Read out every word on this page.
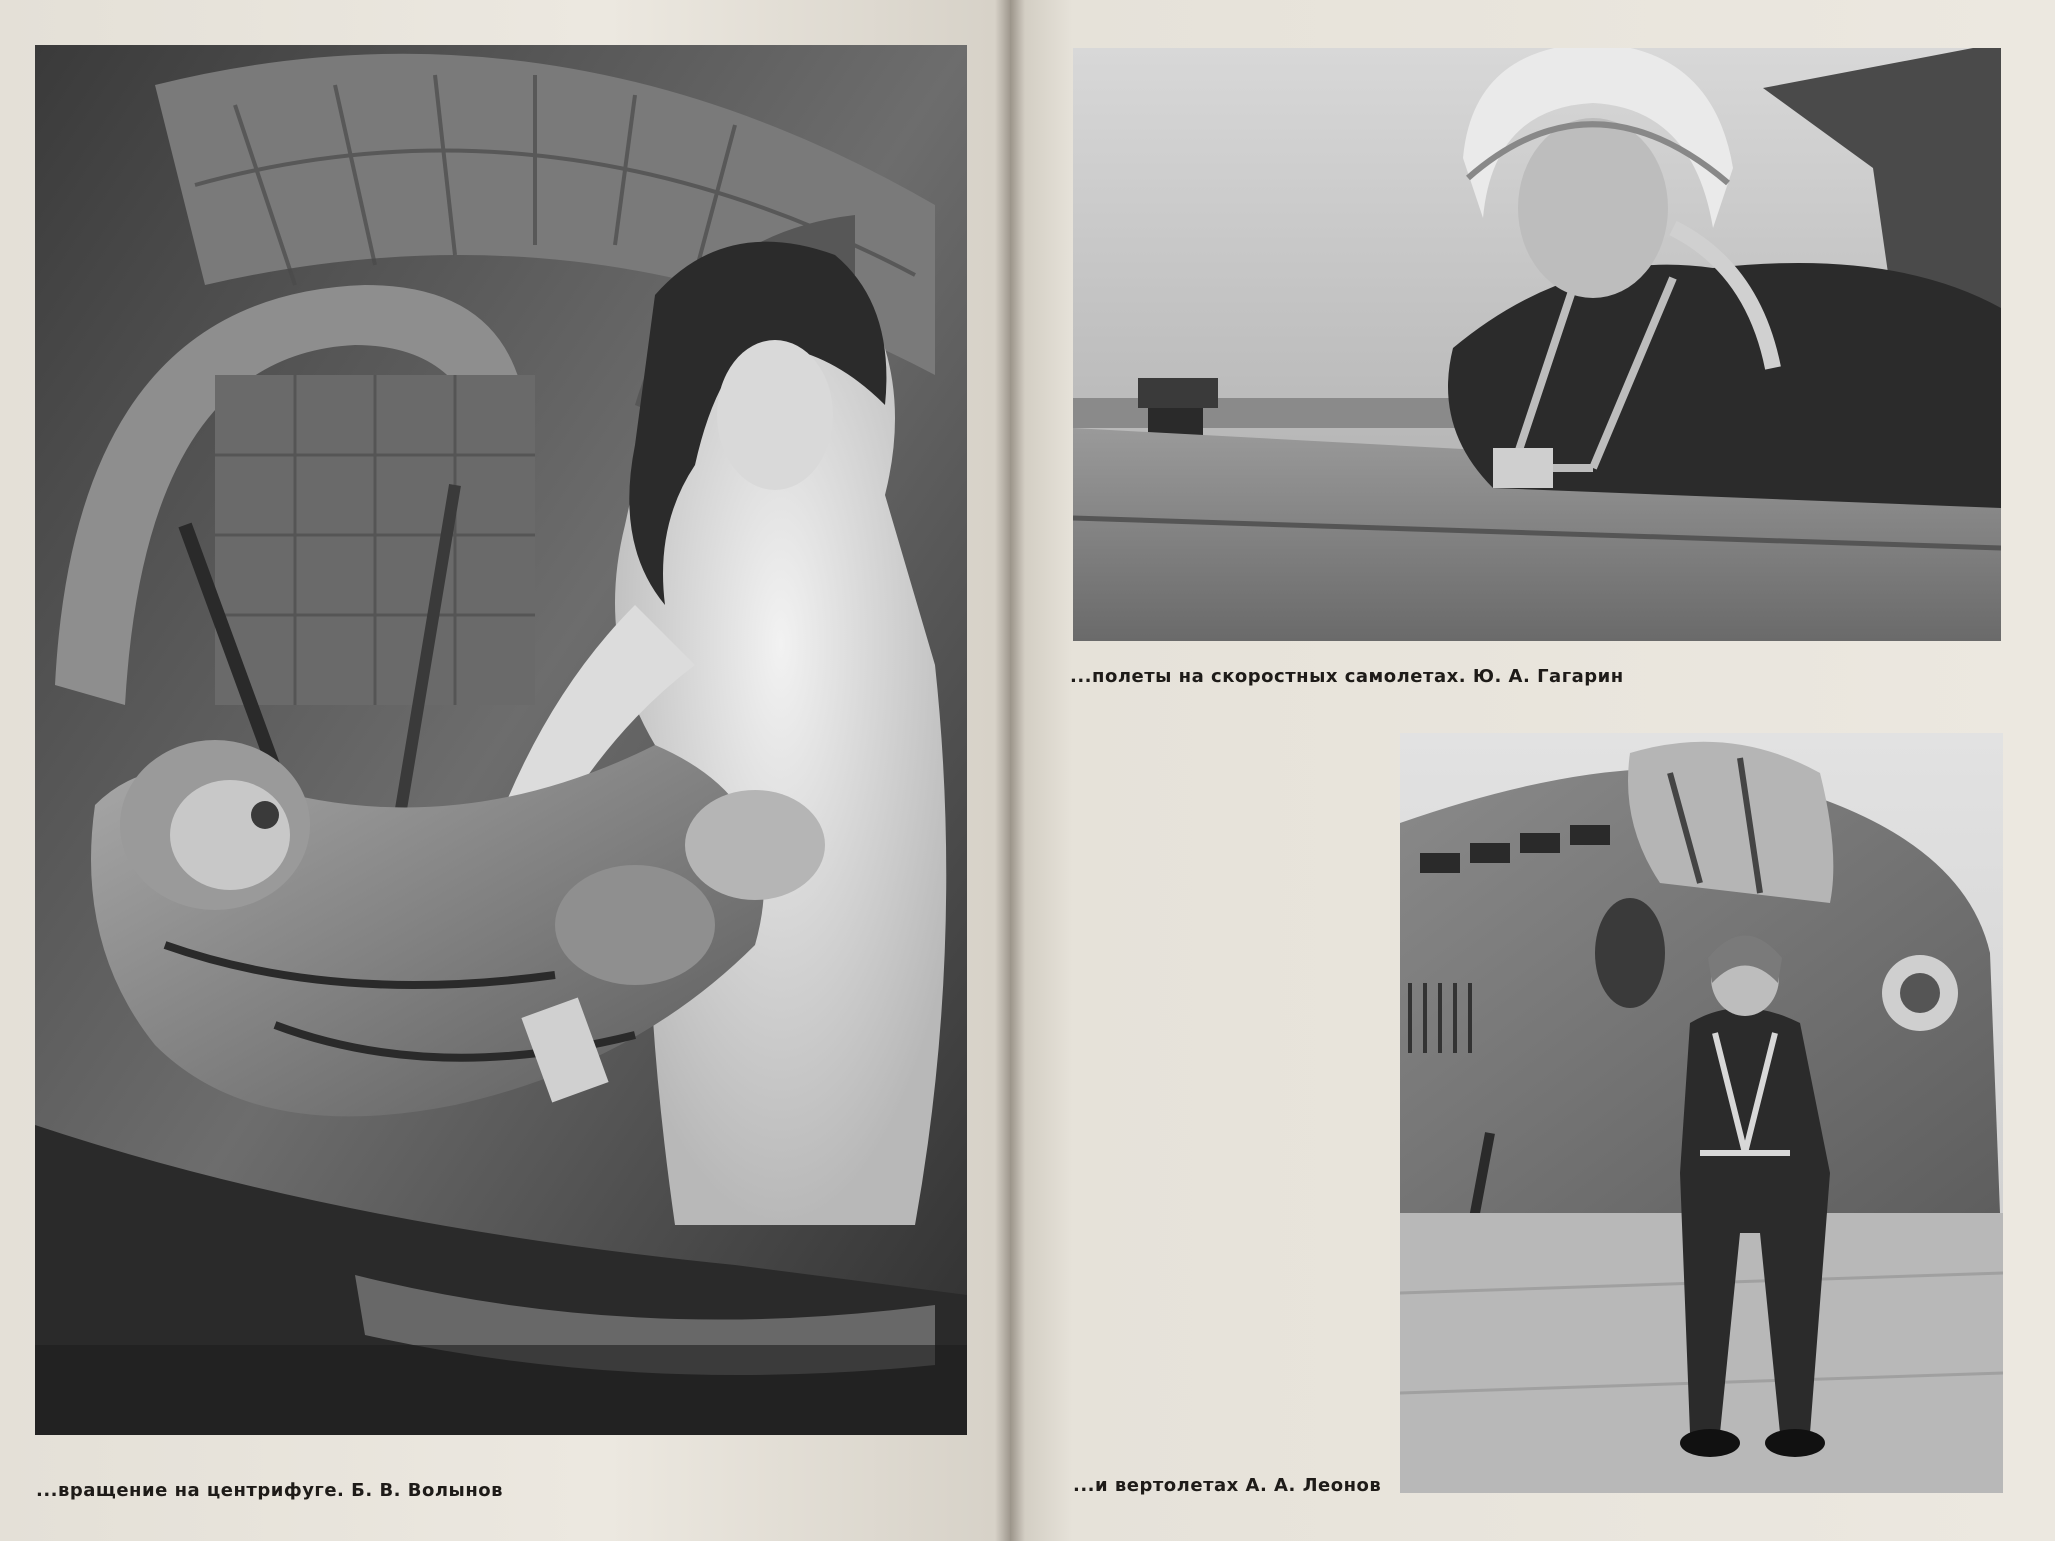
...вращение на центрифуге. Б. В. Волынов
...полеты на скоростных самолетах. Ю. А. Гагарин
...и вертолетах А. А. Леонов
